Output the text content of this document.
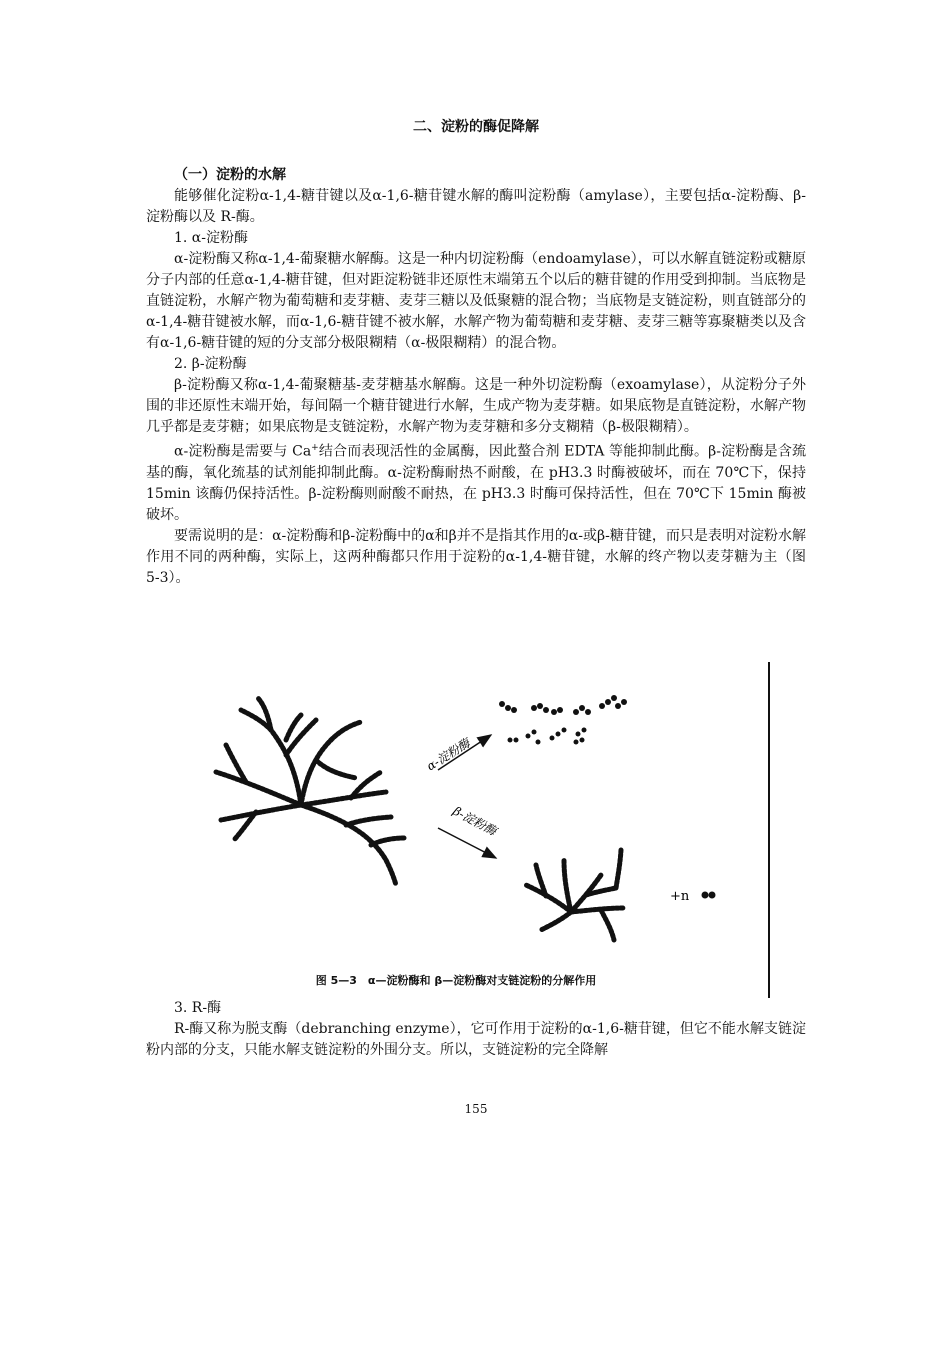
二、淀粉的酶促降解

（一）淀粉的水解

能够催化淀粉α-1,4-糖苷键以及α-1,6-糖苷键水解的酶叫淀粉酶（amylase），主要包括α-淀粉酶、β-淀粉酶以及 R-酶。

1. α-淀粉酶

α-淀粉酶又称α-1,4-葡聚糖水解酶。这是一种内切淀粉酶（endoamylase），可以水解直链淀粉或糖原分子内部的任意α-1,4-糖苷键，但对距淀粉链非还原性末端第五个以后的糖苷键的作用受到抑制。当底物是直链淀粉，水解产物为葡萄糖和麦芽糖、麦芽三糖以及低聚糖的混合物；当底物是支链淀粉，则直链部分的α-1,4-糖苷键被水解，而α-1,6-糖苷键不被水解，水解产物为葡萄糖和麦芽糖、麦芽三糖等寡聚糖类以及含有α-1,6-糖苷键的短的分支部分极限糊精（α-极限糊精）的混合物。

2. β-淀粉酶

β-淀粉酶又称α-1,4-葡聚糖基-麦芽糖基水解酶。这是一种外切淀粉酶（exoamylase），从淀粉分子外围的非还原性末端开始，每间隔一个糖苷键进行水解，生成产物为麦芽糖。如果底物是直链淀粉，水解产物几乎都是麦芽糖；如果底物是支链淀粉，水解产物为麦芽糖和多分支糊精（β-极限糊精）。

α-淀粉酶是需要与 Ca+结合而表现活性的金属酶，因此螯合剂 EDTA 等能抑制此酶。β-淀粉酶是含巯基的酶，氧化巯基的试剂能抑制此酶。α-淀粉酶耐热不耐酸，在 pH3.3 时酶被破坏，而在 70℃下，保持 15min 该酶仍保持活性。β-淀粉酶则耐酸不耐热，在 pH3.3 时酶可保持活性，但在 70℃下 15min 酶被破坏。

要需说明的是：α-淀粉酶和β-淀粉酶中的α和β并不是指其作用的α-或β-糖苷键，而只是表明对淀粉水解作用不同的两种酶，实际上，这两种酶都只作用于淀粉的α-1,4-糖苷键，水解的终产物以麦芽糖为主（图 5-3）。

α-淀粉酶
β-淀粉酶
+n
图 5—3　α—淀粉酶和 β—淀粉酶对支链淀粉的分解作用

3. R-酶

R-酶又称为脱支酶（debranching enzyme），它可作用于淀粉的α-1,6-糖苷键，但它不能水解支链淀粉内部的分支，只能水解支链淀粉的外围分支。所以，支链淀粉的完全降解

155
